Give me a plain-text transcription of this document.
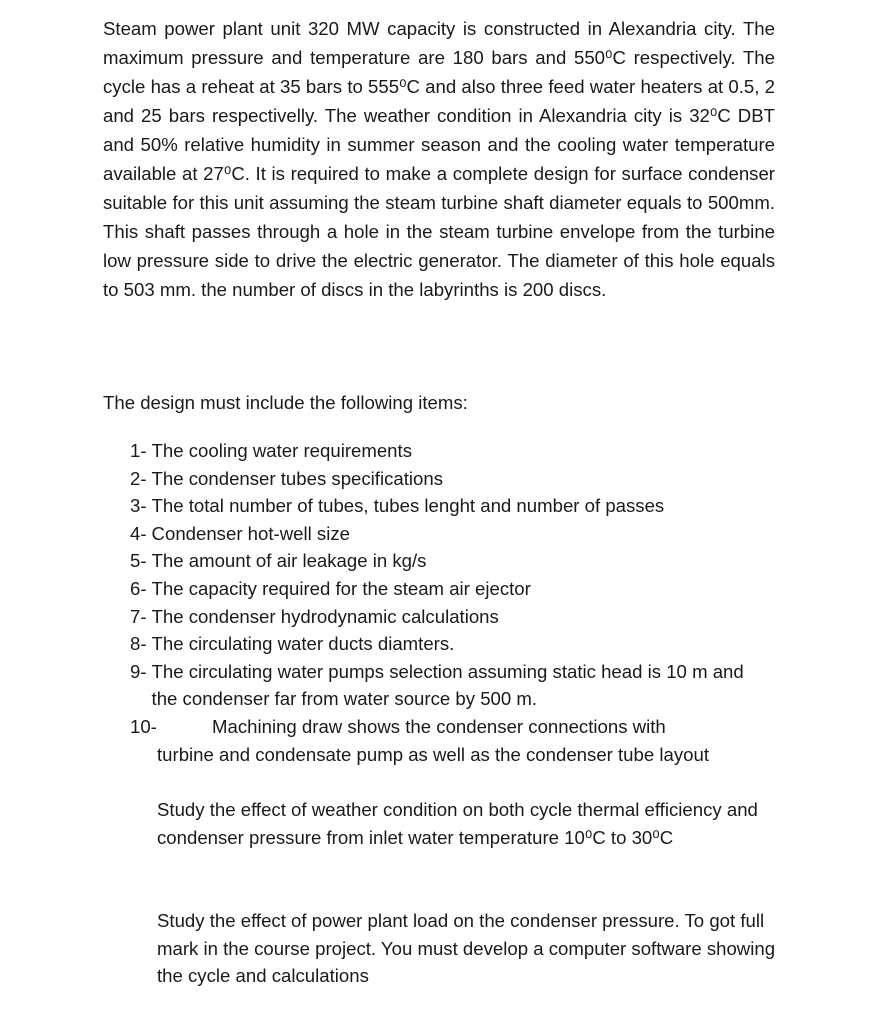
Steam power plant unit 320 MW capacity is constructed in Alexandria city. The maximum pressure and temperature are 180 bars and 550⁰C respectively. The cycle has a reheat at 35 bars to 555⁰C and also three feed water heaters at 0.5, 2 and 25 bars respectivelly. The weather condition in Alexandria city is 32⁰C DBT and 50% relative humidity in summer season and the cooling water temperature available at 27⁰C. It is required to make a complete design for surface condenser suitable for this unit assuming the steam turbine shaft diameter equals to 500mm. This shaft passes through a hole in the steam turbine envelope from the turbine low pressure side to drive the electric generator. The diameter of this hole equals to 503 mm. the number of discs in the labyrinths is 200 discs.

The design must include the following items:

1- The cooling water requirements
2- The condenser tubes specifications
3- The total number of tubes, tubes lenght and number of passes
4- Condenser hot-well size
5- The amount of air leakage in kg/s
6- The capacity required for the steam air ejector
7- The condenser hydrodynamic calculations
8- The circulating water ducts diamters.
9- The circulating water pumps selection assuming static head is 10 m and the condenser far from water source by 500 m.

10-	Machining draw shows the condenser connections with
turbine and condensate pump as well as the condenser tube layout

Study the effect of weather condition on both cycle thermal efficiency and condenser pressure from inlet water temperature 10⁰C to 30⁰C

Study the effect of power plant load on the condenser pressure. To got full mark in the course project. You must develop a computer software showing the cycle and calculations
